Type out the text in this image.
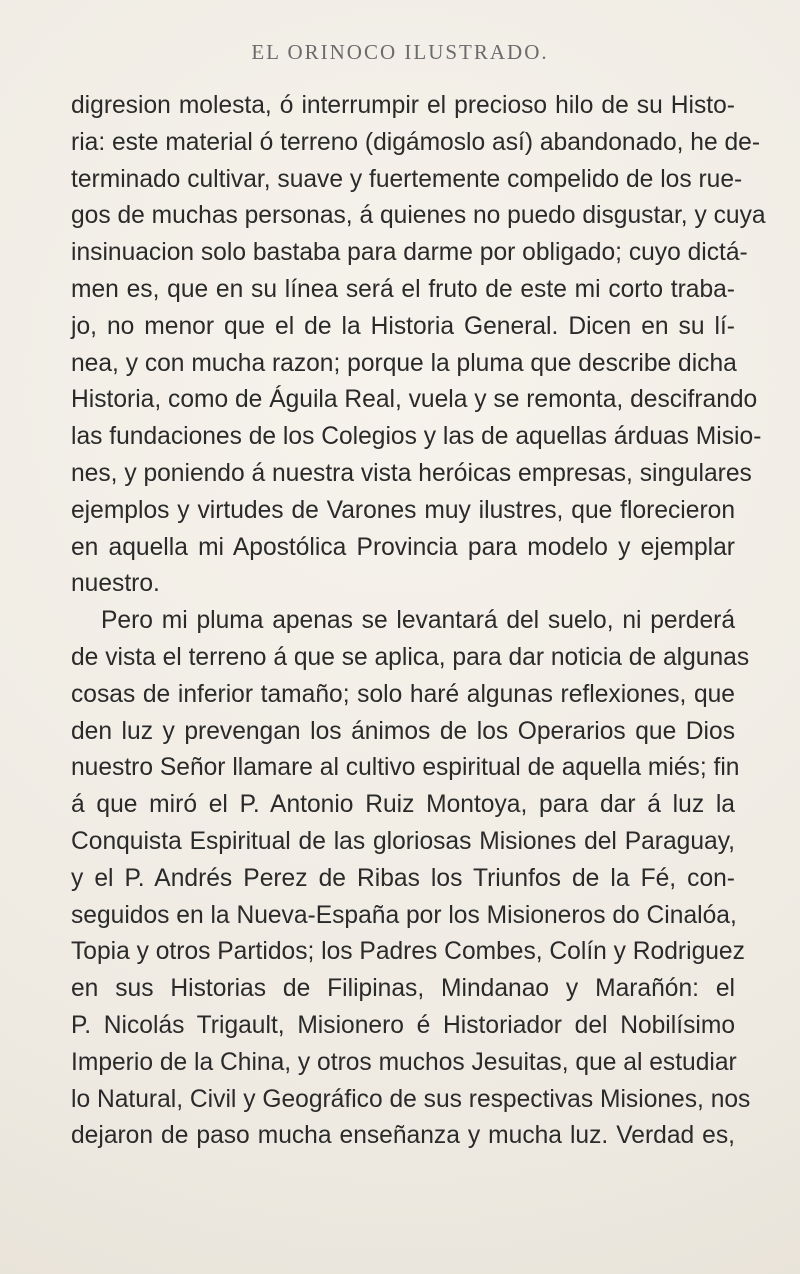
EL ORINOCO ILUSTRADO.
digresion molesta, ó interrumpir el precioso hilo de su Histo-
ria: este material ó terreno (digámoslo así) abandonado, he de-
terminado cultivar, suave y fuertemente compelido de los rue-
gos de muchas personas, á quienes no puedo disgustar, y cuya
insinuacion solo bastaba para darme por obligado; cuyo dictá-
men es, que en su línea será el fruto de este mi corto traba-
jo, no menor que el de la Historia General. Dicen en su lí-
nea, y con mucha razon; porque la pluma que describe dicha
Historia, como de Águila Real, vuela y se remonta, descifrando
las fundaciones de los Colegios y las de aquellas árduas Misio-
nes, y poniendo á nuestra vista heróicas empresas, singulares
ejemplos y virtudes de Varones muy ilustres, que florecieron
en aquella mi Apostólica Provincia para modelo y ejemplar
nuestro.
Pero mi pluma apenas se levantará del suelo, ni perderá
de vista el terreno á que se aplica, para dar noticia de algunas
cosas de inferior tamaño; solo haré algunas reflexiones, que
den luz y prevengan los ánimos de los Operarios que Dios
nuestro Señor llamare al cultivo espiritual de aquella miés; fin
á que miró el P. Antonio Ruiz Montoya, para dar á luz la
Conquista Espiritual de las gloriosas Misiones del Paraguay,
y el P. Andrés Perez de Ribas los Triunfos de la Fé, con-
seguidos en la Nueva-España por los Misioneros do Cinalóa,
Topia y otros Partidos; los Padres Combes, Colín y Rodriguez
en sus Historias de Filipinas, Mindanao y Marañón: el
P. Nicolás Trigault, Misionero é Historiador del Nobilísimo
Imperio de la China, y otros muchos Jesuitas, que al estudiar
lo Natural, Civil y Geográfico de sus respectivas Misiones, nos
dejaron de paso mucha enseñanza y mucha luz. Verdad es,
